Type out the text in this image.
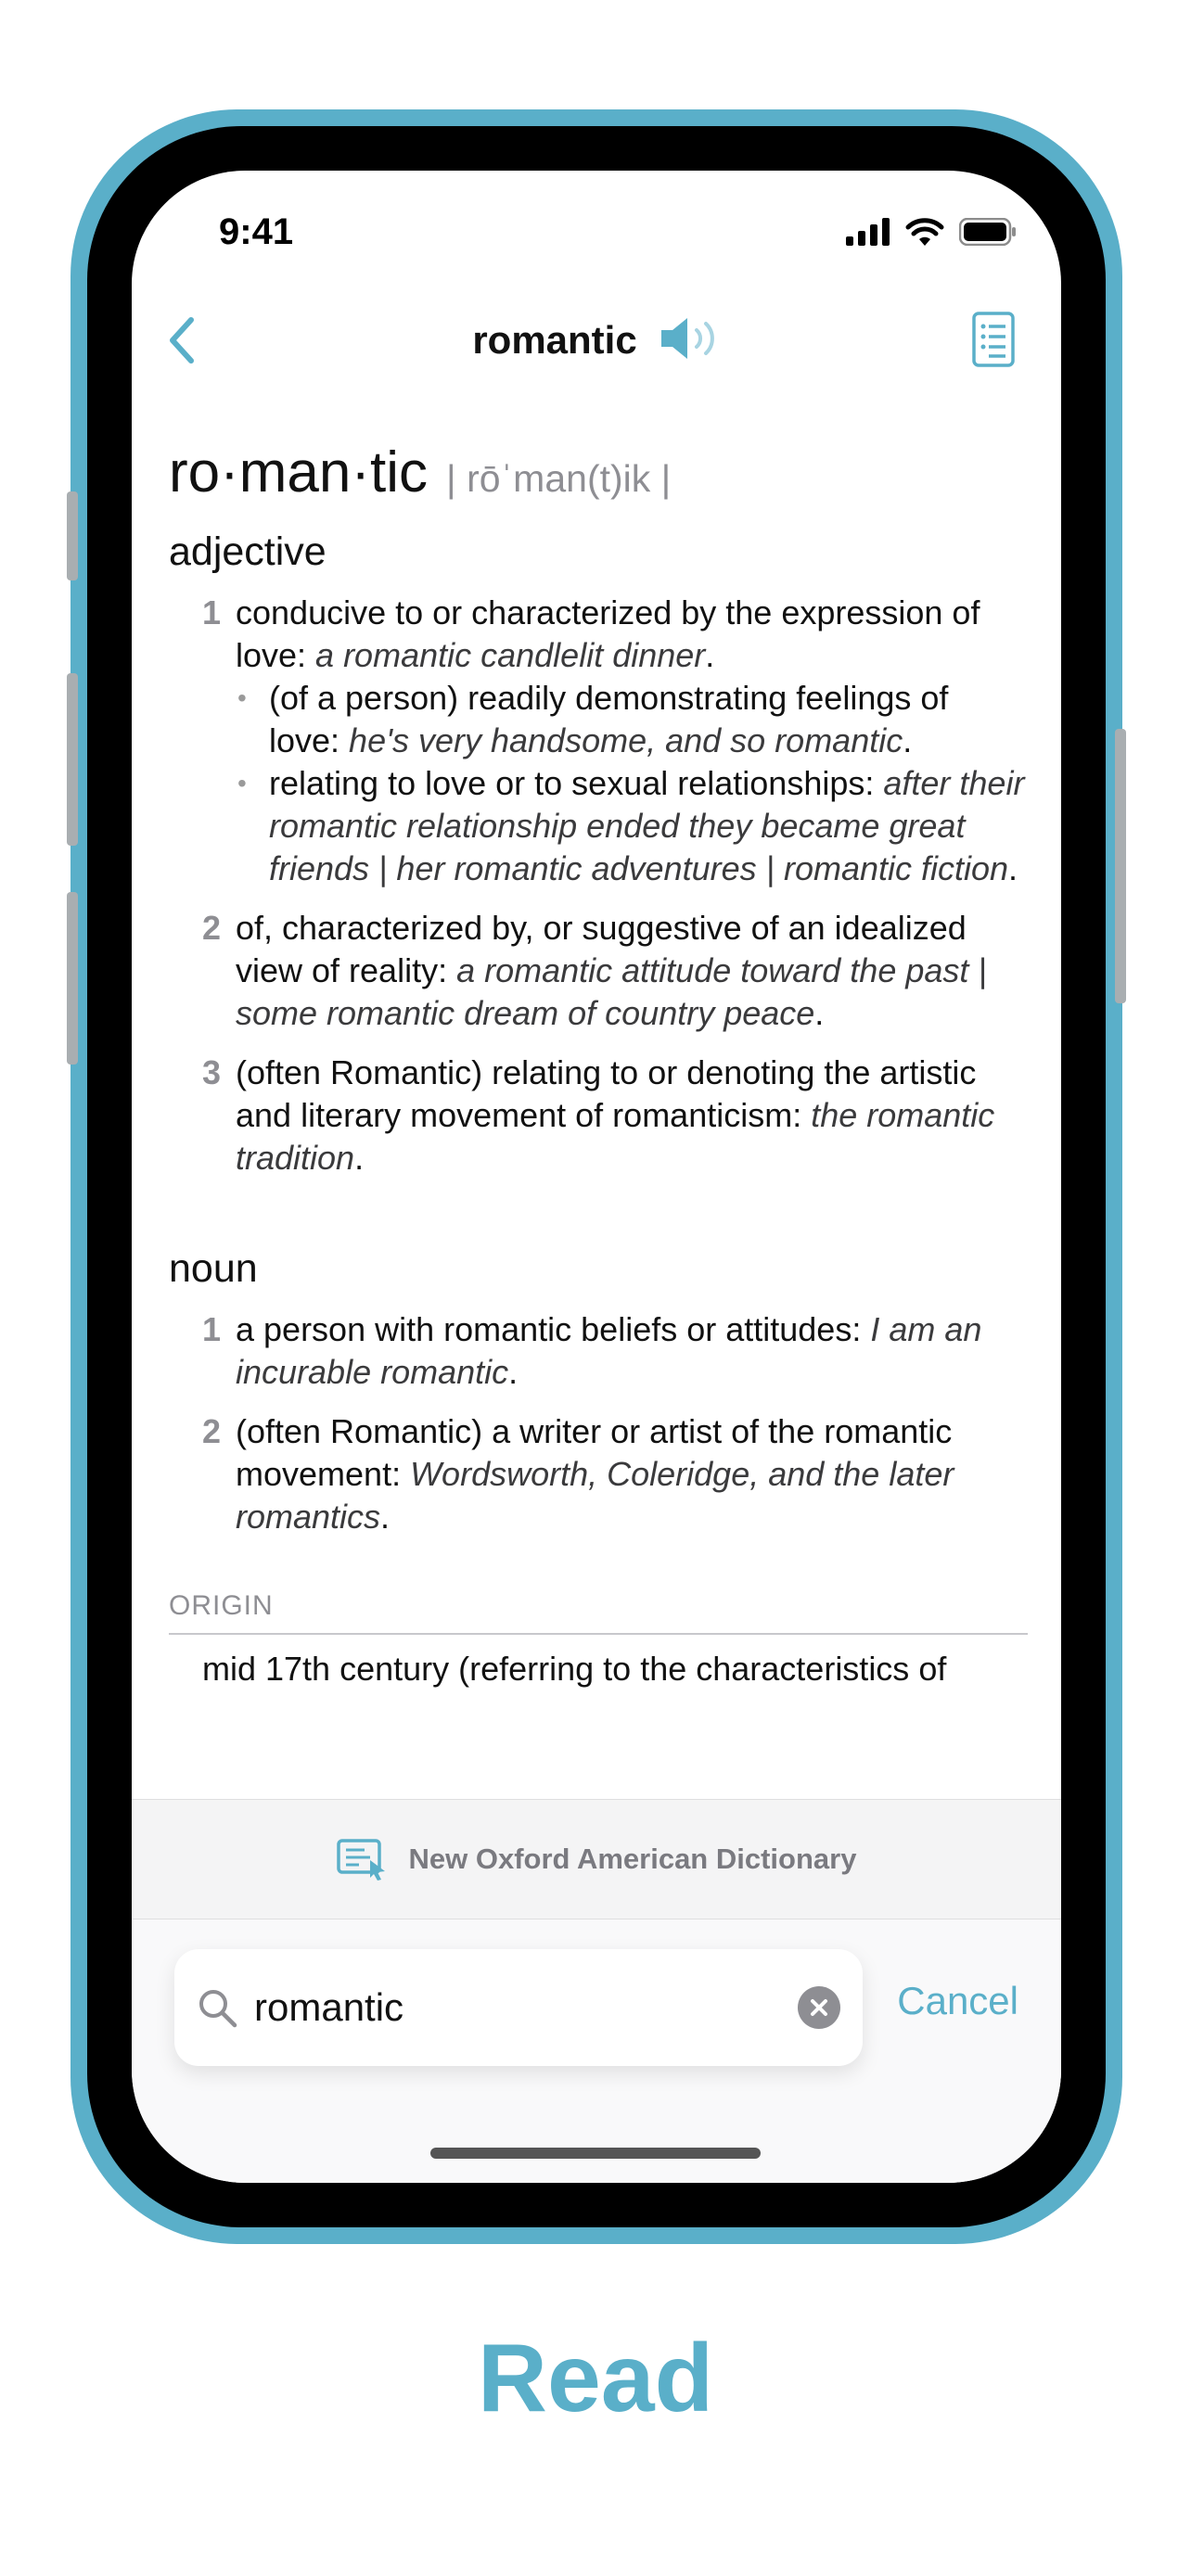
9:41
romantic
ro·man·tic | rōˈman(t)ik |
adjective
1 conducive to or characterized by the expression of love: a romantic candlelit dinner.
• (of a person) readily demonstrating feelings of love: he's very handsome, and so romantic.
• relating to love or to sexual relationships: after their romantic relationship ended they became great friends | her romantic adventures | romantic fiction.
2 of, characterized by, or suggestive of an idealized view of reality: a romantic attitude toward the past | some romantic dream of country peace.
3 (often Romantic) relating to or denoting the artistic and literary movement of romanticism: the romantic tradition.
noun
1 a person with romantic beliefs or attitudes: I am an incurable romantic.
2 (often Romantic) a writer or artist of the romantic movement: Wordsworth, Coleridge, and the later romantics.
ORIGIN
mid 17th century (referring to the characteristics of
New Oxford American Dictionary
romantic	Cancel
Read
